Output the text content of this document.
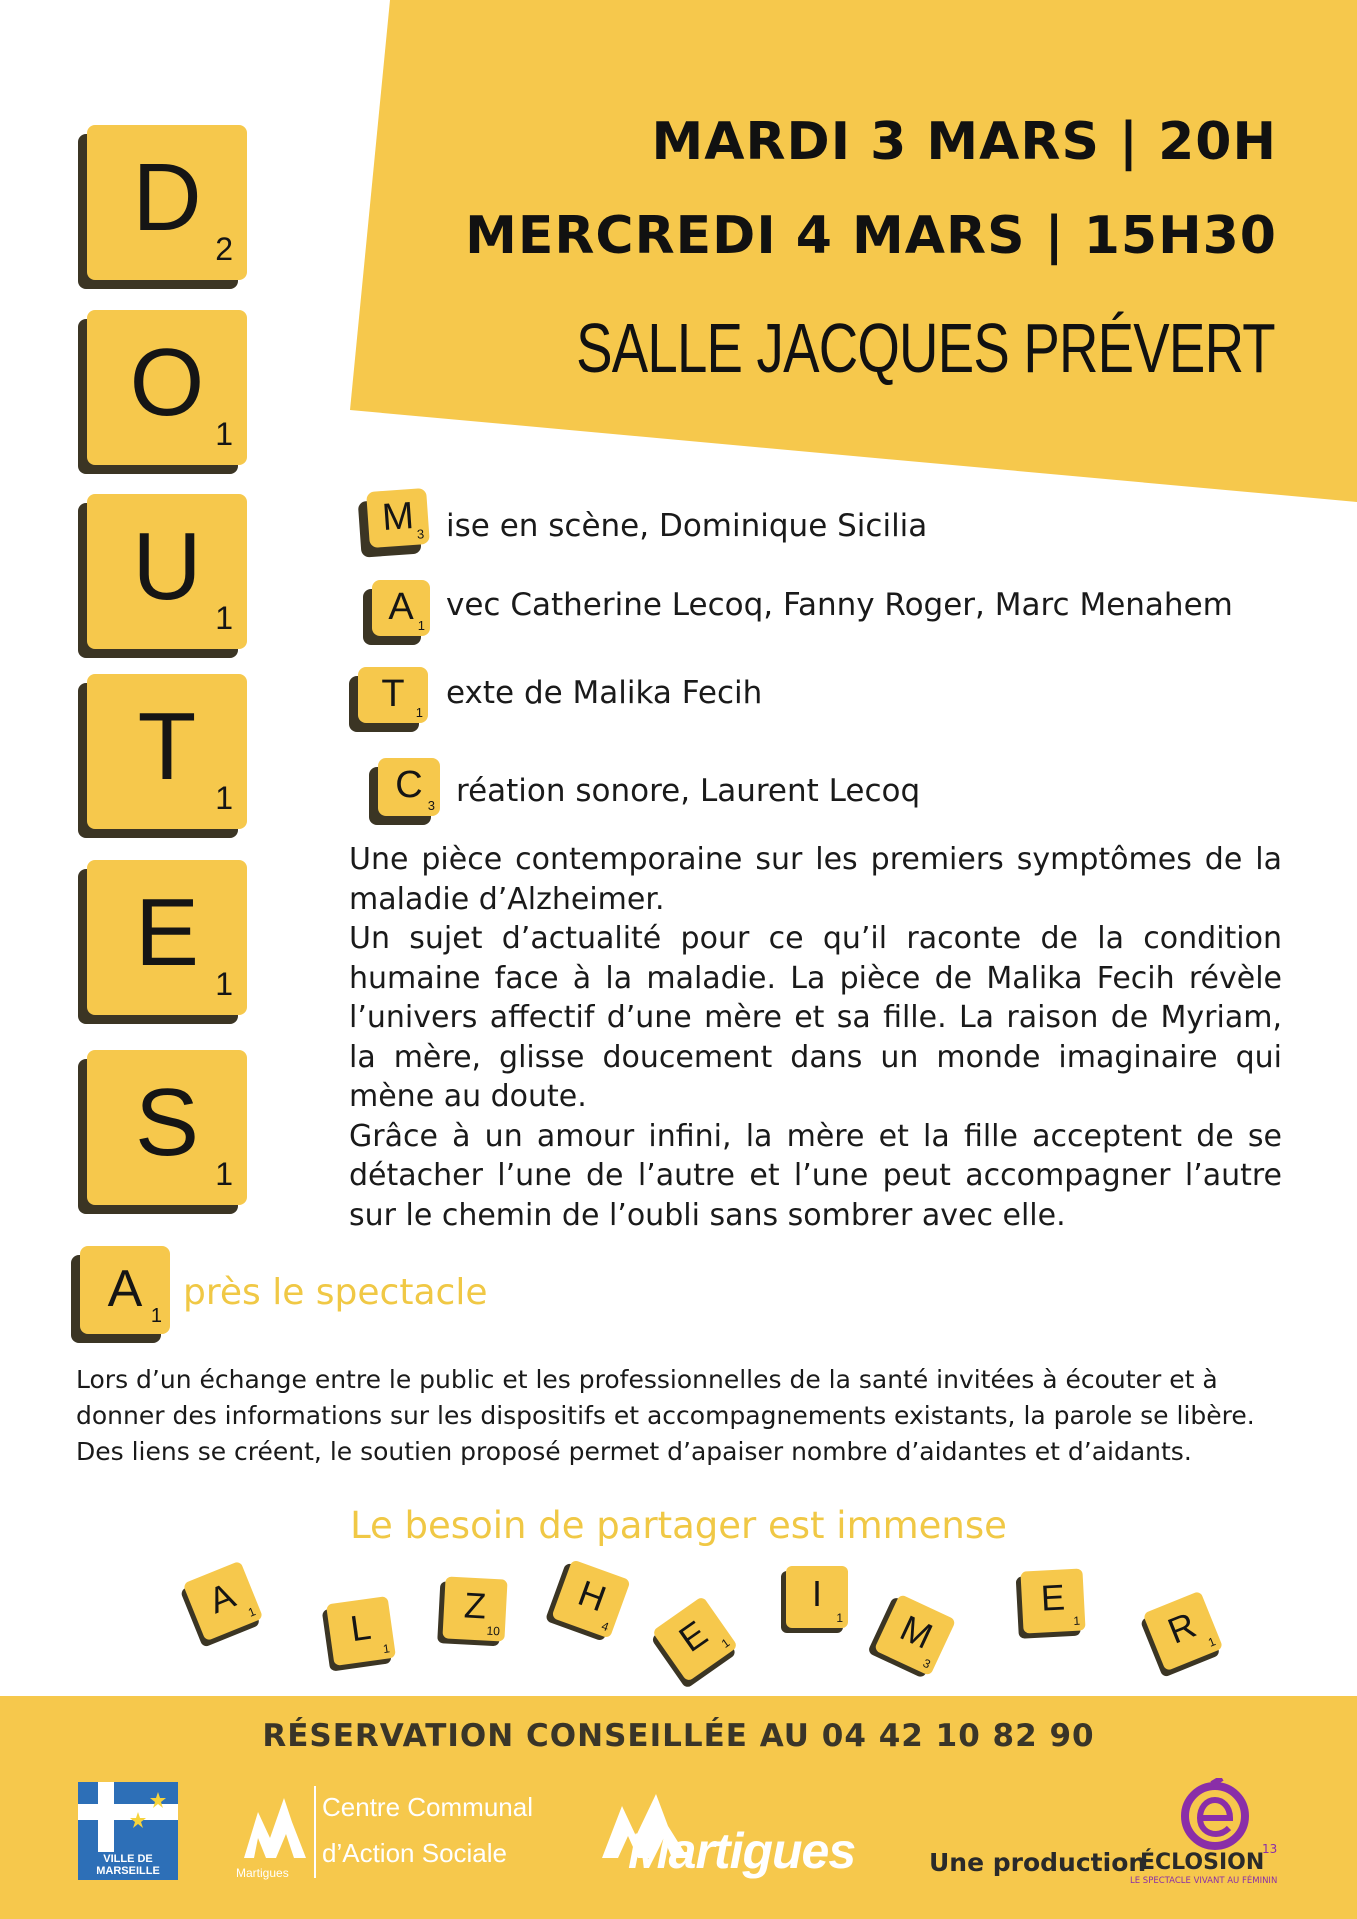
MARDI 3 MARS | 20H
MERCREDI 4 MARS | 15H30
SALLE JACQUES PRÉVERT
D 2
O 1
U 1
T 1
E 1
S 1
M 3 ise en scène, Dominique Sicilia
A 1
vec Catherine Lecoq, Fanny Roger, Marc Menahem
T 1
exte de Malika Fecih
C 3 réation sonore, Laurent Lecoq

Une pièce contemporaine sur les premiers symptômes de la maladie d’Alzheimer.

Un sujet d’actualité pour ce qu’il raconte de la condition humaine face à la maladie. La pièce de Malika Fecih révèle l’univers affectif d’une mère et sa fille. La raison de Myriam, la mère, glisse doucement dans un monde imaginaire qui mène au doute.

Grâce à un amour infini, la mère et la fille acceptent de se détacher l’une de l’autre et l’une peut accompagner l’autre sur le chemin de l’oubli sans sombrer avec elle.

A 1
près le spectacle
Lors d’un échange entre le public et les professionnelles de la santé invitées à écouter et à donner des informations sur les dispositifs et accompagnements existants, la parole se libère. Des liens se créent, le soutien proposé permet d’apaiser nombre d’aidantes et d’aidants.
Le besoin de partager est immense
A 1	L 1
Z
10
H
4	E 1
I
1	M
3
E
1	R 1
RÉSERVATION CONSEILLÉE AU 04 42 10 82 90
VILLE DE MARSEILLE	Martigues
Centre Communal
d’Action Sociale Martigues	Une production
ÉCLOSION
13
LE SPECTACLE VIVANT AU FÉMININ
